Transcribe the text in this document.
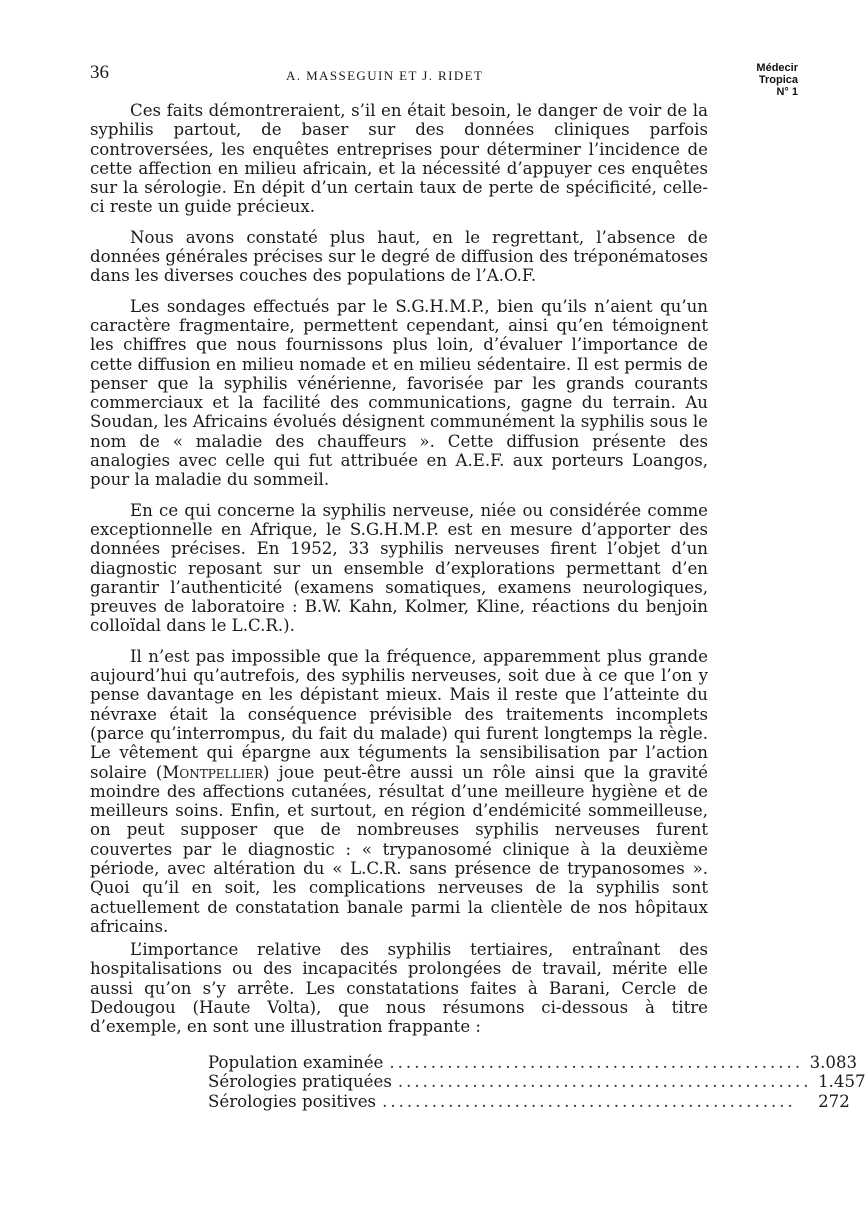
36	A. MASSEGUIN ET J. RIDET	Médecir
Tropica
N° 1

Ces faits démontreraient, s’il en était besoin, le danger de voir de la syphilis partout, de baser sur des données cliniques parfois controversées, les enquêtes entreprises pour déterminer l’incidence de cette affection en milieu africain, et la nécessité d’appuyer ces enquêtes sur la sérologie. En dépit d’un certain taux de perte de spécificité, celle-ci reste un guide précieux.

Nous avons constaté plus haut, en le regrettant, l’absence de données générales précises sur le degré de diffusion des tréponématoses dans les diverses couches des populations de l’A.O.F.

Les sondages effectués par le S.G.H.M.P., bien qu’ils n’aient qu’un caractère fragmentaire, permettent cependant, ainsi qu’en témoignent les chiffres que nous fournissons plus loin, d’évaluer l’importance de cette diffusion en milieu nomade et en milieu sédentaire. Il est permis de penser que la syphilis vénérienne, favorisée par les grands courants commerciaux et la facilité des communications, gagne du terrain. Au Soudan, les Africains évolués désignent communément la syphilis sous le nom de « maladie des chauffeurs ». Cette diffusion présente des analogies avec celle qui fut attribuée en A.E.F. aux porteurs Loangos, pour la maladie du sommeil.

En ce qui concerne la syphilis nerveuse, niée ou considérée comme exceptionnelle en Afrique, le S.G.H.M.P. est en mesure d’apporter des données précises. En 1952, 33 syphilis nerveuses firent l’objet d’un diagnostic reposant sur un ensemble d’explorations permettant d’en garantir l’authenticité (examens somatiques, examens neurologiques, preuves de laboratoire : B.W. Kahn, Kolmer, Kline, réactions du benjoin colloïdal dans le L.C.R.).

Il n’est pas impossible que la fréquence, apparemment plus grande aujourd’hui qu’autrefois, des syphilis nerveuses, soit due à ce que l’on y pense davantage en les dépistant mieux. Mais il reste que l’atteinte du névraxe était la conséquence prévisible des traitements incomplets (parce qu’interrompus, du fait du malade) qui furent longtemps la règle. Le vêtement qui épargne aux téguments la sensibilisation par l’action solaire (Montpellier) joue peut-être aussi un rôle ainsi que la gravité moindre des affections cutanées, résultat d’une meilleure hygiène et de meilleurs soins. Enfin, et surtout, en région d’endémicité sommeilleuse, on peut supposer que de nombreuses syphilis nerveuses furent couvertes par le diagnostic : « trypanosomé clinique à la deuxième période, avec altération du « L.C.R. sans présence de trypanosomes ». Quoi qu’il en soit, les complications nerveuses de la syphilis sont actuellement de constatation banale parmi la clientèle de nos hôpitaux africains.

L’importance relative des syphilis tertiaires, entraînant des hospitalisations ou des incapacités prolongées de travail, mérite elle aussi qu’on s’y arrête. Les constatations faites à Barani, Cercle de Dedougou (Haute Volta), que nous résumons ci-dessous à titre d’exemple, en sont une illustration frappante :

Population examinée .................................................. 3.083
Sérologies pratiquées .................................................. 1.457
Sérologies positives ..................................................	272
